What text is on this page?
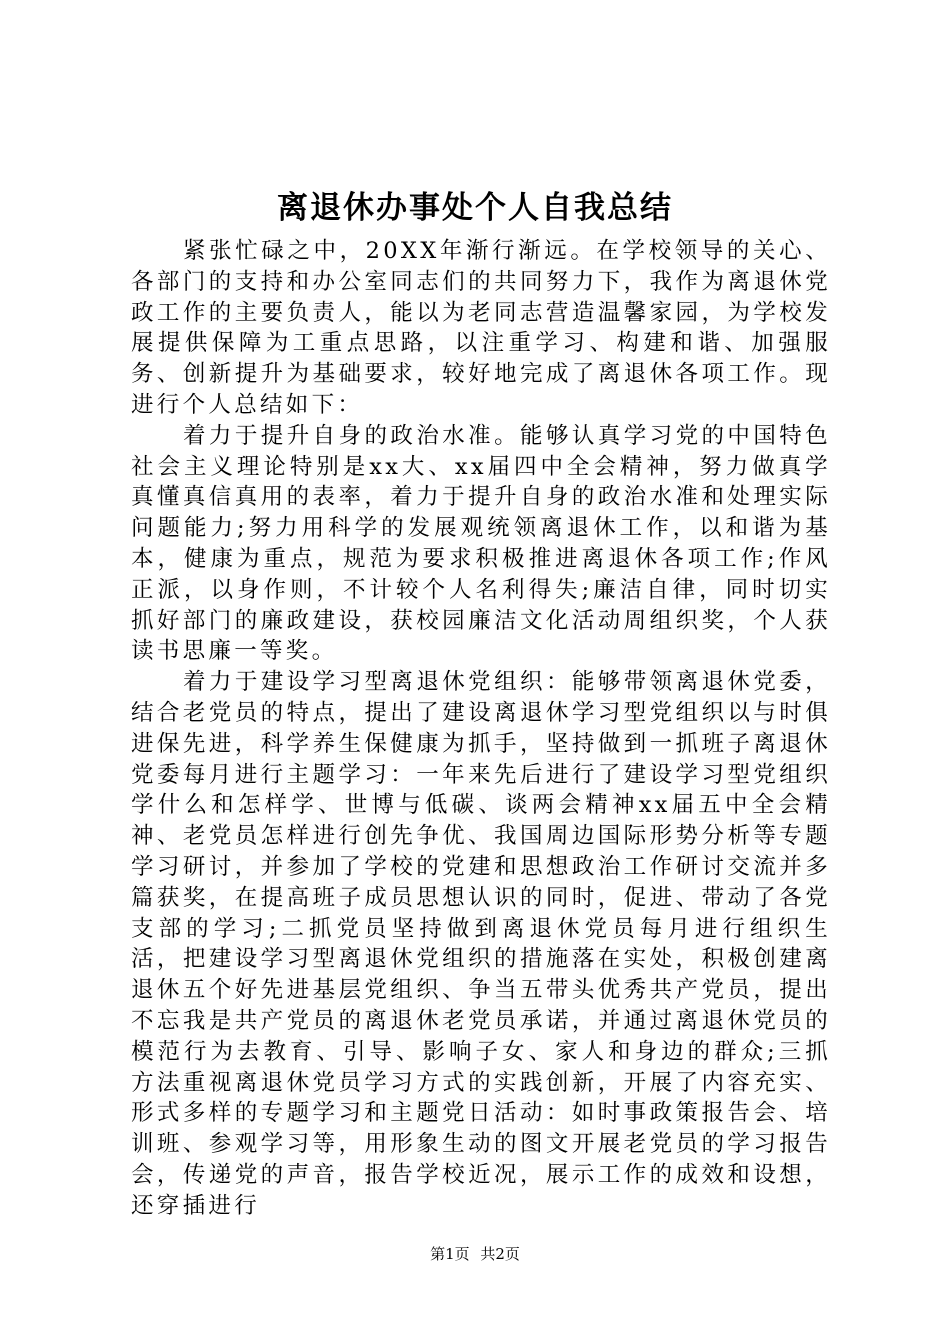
离退休办事处个人自我总结

紧张忙碌之中，20XX年渐行渐远。在学校领导的关心、各部门的支持和办公室同志们的共同努力下，我作为离退休党政工作的主要负责人，能以为老同志营造温馨家园，为学校发展提供保障为工重点思路，以注重学习、构建和谐、加强服务、创新提升为基础要求，较好地完成了离退休各项工作。现进行个人总结如下：

着力于提升自身的政治水准。能够认真学习党的中国特色社会主义理论特别是xx大、xx届四中全会精神，努力做真学真懂真信真用的表率，着力于提升自身的政治水准和处理实际问题能力;努力用科学的发展观统领离退休工作，以和谐为基本，健康为重点，规范为要求积极推进离退休各项工作;作风正派，以身作则，不计较个人名利得失;廉洁自律，同时切实抓好部门的廉政建设，获校园廉洁文化活动周组织奖，个人获读书思廉一等奖。

着力于建设学习型离退休党组织：能够带领离退休党委，结合老党员的特点，提出了建设离退休学习型党组织以与时俱进保先进，科学养生保健康为抓手，坚持做到一抓班子离退休党委每月进行主题学习：一年来先后进行了建设学习型党组织学什么和怎样学、世博与低碳、谈两会精神xx届五中全会精神、老党员怎样进行创先争优、我国周边国际形势分析等专题学习研讨，并参加了学校的党建和思想政治工作研讨交流并多篇获奖，在提高班子成员思想认识的同时，促进、带动了各党支部的学习;二抓党员坚持做到离退休党员每月进行组织生活，把建设学习型离退休党组织的措施落在实处，积极创建离退休五个好先进基层党组织、争当五带头优秀共产党员，提出不忘我是共产党员的离退休老党员承诺，并通过离退休党员的模范行为去教育、引导、影响子女、家人和身边的群众;三抓方法重视离退休党员学习方式的实践创新，开展了内容充实、形式多样的专题学习和主题党日活动：如时事政策报告会、培训班、参观学习等，用形象生动的图文开展老党员的学习报告会，传递党的声音，报告学校近况，展示工作的成效和设想，还穿插进行

第1页 共2页
